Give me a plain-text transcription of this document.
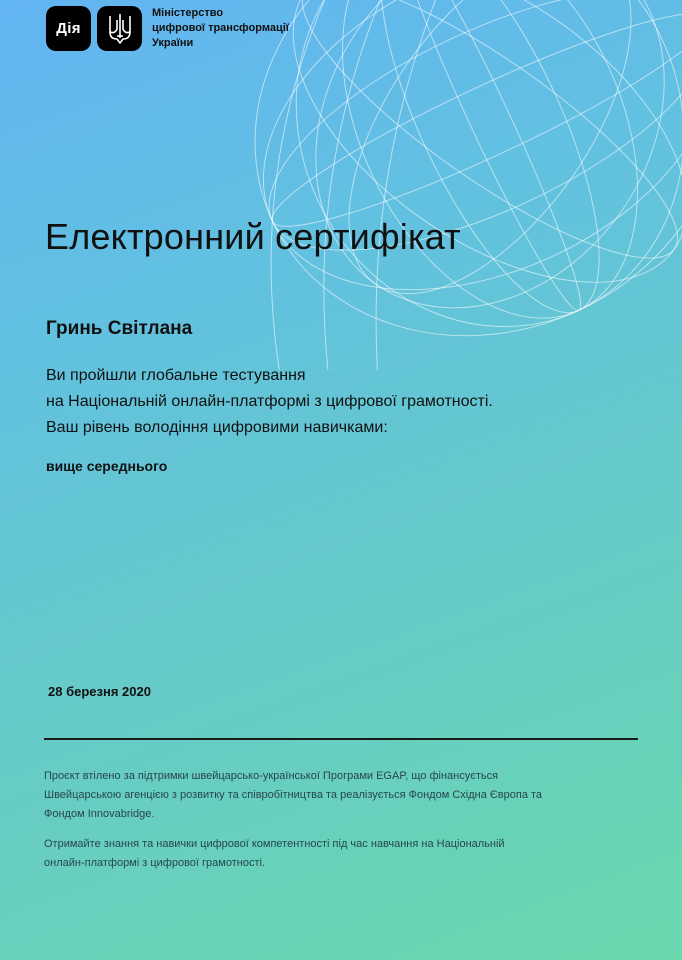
Дія
Міністерство
цифрової трансформації
України
Електронний сертифікат
Гринь Світлана
Ви пройшли глобальне тестування
на Національній онлайн-платформі з цифрової грамотності.
Ваш рівень володіння цифровими навичками:
вище середнього
28 березня 2020
Проєкт втілено за підтримки швейцарсько-української Програми EGAP, що фінансується
Швейцарською агенцією з розвитку та співробітництва та реалізується Фондом Східна Європа та
Фондом Innovabridge.
Отримайте знання та навички цифрової компетентності під час навчання на Національній
онлайн-платформі з цифрової грамотності.
